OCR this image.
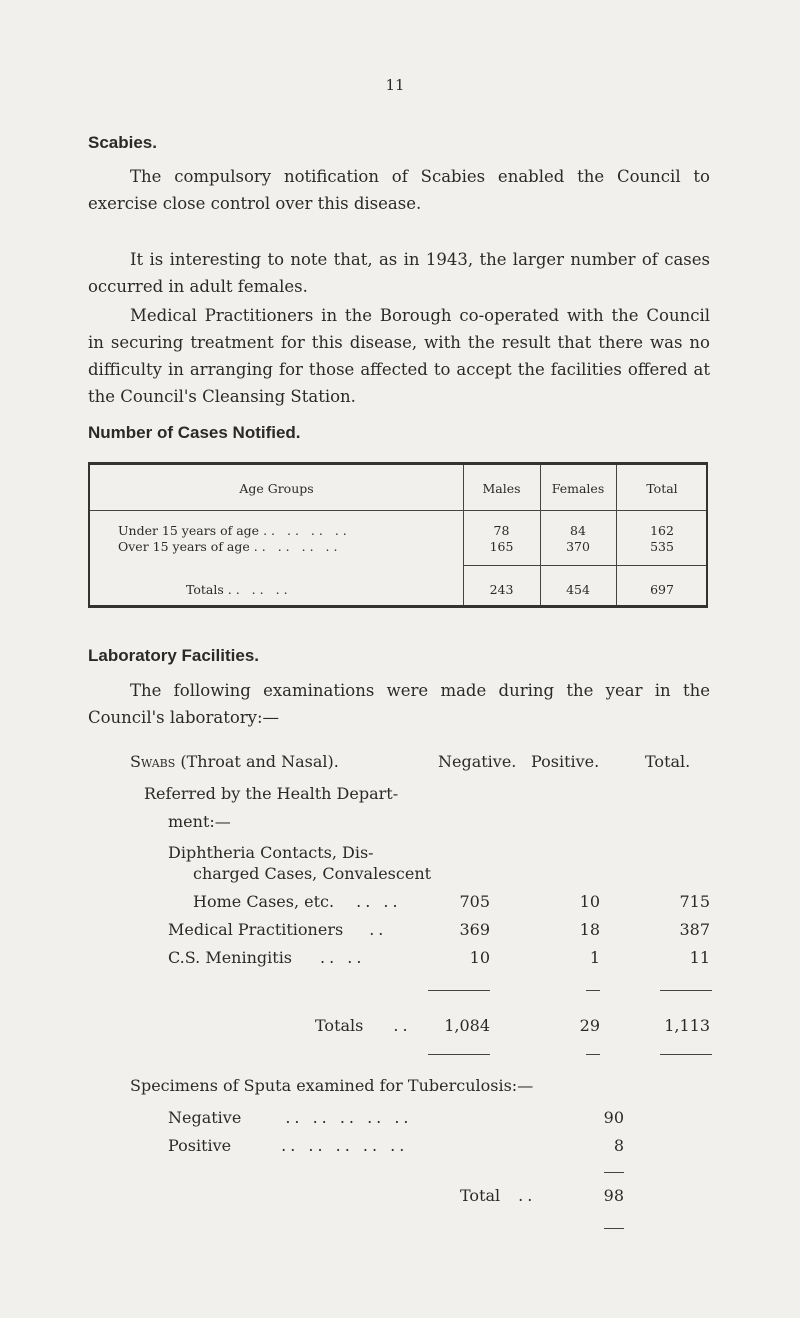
11
Scabies.

The compulsory notification of Scabies enabled the Council to exercise close control over this disease.

It is interesting to note that, as in 1943, the larger number of cases occurred in adult females.

Medical Practitioners in the Borough co-operated with the Council in securing treatment for this disease, with the result that there was no difficulty in arranging for those affected to accept the facilities offered at the Council's Cleansing Station.

Number of Cases Notified.
Age Groups	Males	Females	Total
Under 15 years of age .. .. .. ..	78	84	162
Over 15 years of age .. .. .. ..	165	370	535
Totals .. .. ..	243	454	697
Laboratory Facilities.

The following examinations were made during the year in the Council's laboratory:—

Swabs (Throat and Nasal).	Negative. Positive.	Total.
Referred by the Health Depart-
ment:—
Diphtheria Contacts, Dis-
charged Cases, Convalescent
Home Cases, etc. .. ..	705	10	715
Medical Practitioners ..	369	18	387
C.S. Meningitis .. ..	10	1	11
Totals ..	1,084	29	1,113
Specimens of Sputa examined for Tuberculosis:—
Negative	.. .. .. .. ..	90
Positive	.. .. .. .. ..	8
Total ..	98
